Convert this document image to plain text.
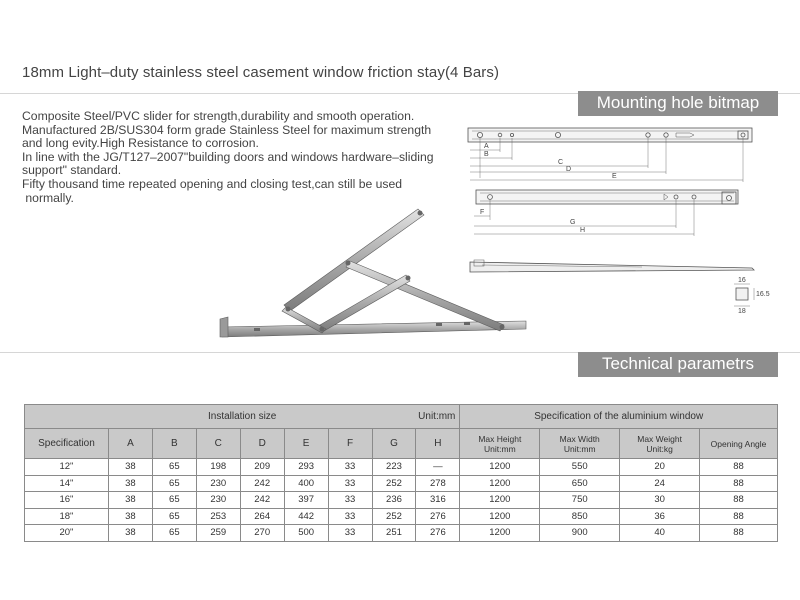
18mm Light–duty stainless steel casement window friction stay(4 Bars)
Mounting hole bitmap

Composite Steel/PVC slider for strength,durability and smooth operation.

Manufactured 2B/SUS304 form grade Stainless Steel for maximum strength

and long evity.High Resistance to corrosion.

In line with the JG/T127–2007"building doors and windows hardware–sliding

support" standard.

Fifty thousand time repeated opening and closing test,can still be used

normally.

A
B
C
D
E
F
G
H
16
16.5
18
Technical parametrs
Installation size Unit:mm									Specification of the aluminium window			
Specification	A	B	C	D	E	F	G	H	Max Height
Unit:mm	Max Width
Unit:mm	Max Weight
Unit:kg	Opening Angle
12"	38	65	198	209	293	33	223	—	1200	550	20	88
14"	38	65	230	242	400	33	252	278	1200	650	24	88
16"	38	65	230	242	397	33	236	316	1200	750	30	88
18"	38	65	253	264	442	33	252	276	1200	850	36	88
20"	38	65	259	270	500	33	251	276	1200	900	40	88
